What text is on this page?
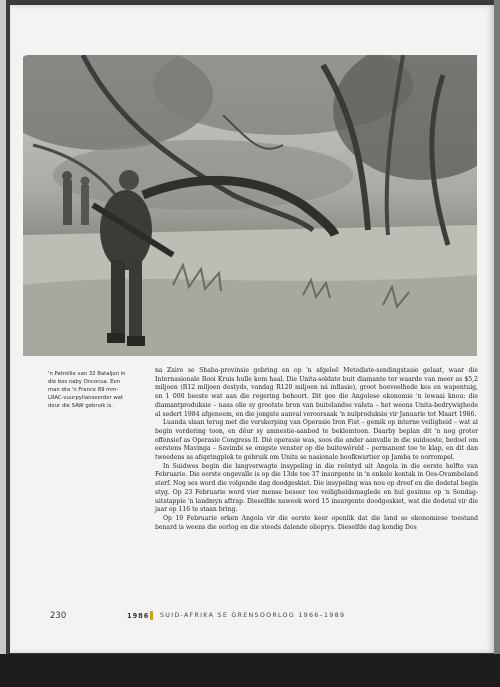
'n Patrollie van 32 Bataljon in

die bos naby Oncocua. Een

man dra 'n France 89 mm-

LRAC-vuurpyllanseerder wat

deur die SAW gebruik is.

na Zaire se Shaba-provinsie gebring en op 'n afgeleë Metodiste-sendingstasie gelaat, waar die Internasionale Rooi Kruis hulle kom haal. Die Unita-soldate buit diamante ter waarde van meer as $5,2 miljoen (R12 miljoen destyds, vandag R120 miljoen ná inflasie), groot hoeveelhede kos en wapentuig, en 1 000 beeste wat aan die regering behoort. Dit gee die Angolese ekonomie 'n lewaai knou: die diamantproduksie – naas olie sy grootste bron van buitelandse valuta – het weens Unita-bedrywighede al sedert 1984 afgeneem, en die jongste aanval veroorsaak 'n nulproduksie vir Januarie tot Maart 1986.

Luanda slaan terug met die verskerping van Operasie Iron Fist – gemik op interne veiligheid – wat al begin vordering toon, en dêur sy amnestie-aanbod te beklemtoon. Daarby beplan dit 'n nog groter offensief as Operasie Congress II. Dié operasie was, soos die ander aanvalle in die suidooste, bedoel om eerstens Mavinga – Savimbi se enigste venster op die buitewêreld – permanent toe te klap, en dit dan tweedens as afspringplek te gebruik om Unita se nasionale hoofkwartier op Jamba te oorrompel.

In Suidwes begin die langverwagte insypeling in die reëntyd uit Angola in die eerste helfte van Februarie. Die eerste ongevalle is op die 13de toe 37 insurgente in 'n enkele kontak in Oos-Ovamboland sterf. Nog ses word die volgende dag doodgeskiet. Die insypeling was nou op dreef en die dodetal begin styg. Op 23 Februarie word vier mense beseer toe veiligheidsmaglede en hul gesinne op 'n Sondag-uitstappie 'n landmyn aftrap. Dieselfde naweek word 15 insurgente doodgeskiet, wat die dodetal vir die jaar op 116 te staan bring.

Op 19 Februarie erken Angola vir die eerste keer openlik dat die land se ekonomiese toestand benard is weens die oorlog en die steeds dalende olieprys. Dieselfde dag kondig Dos

230	1986 SUID-AFRIKA SE GRENSOORLOG 1966–1989
